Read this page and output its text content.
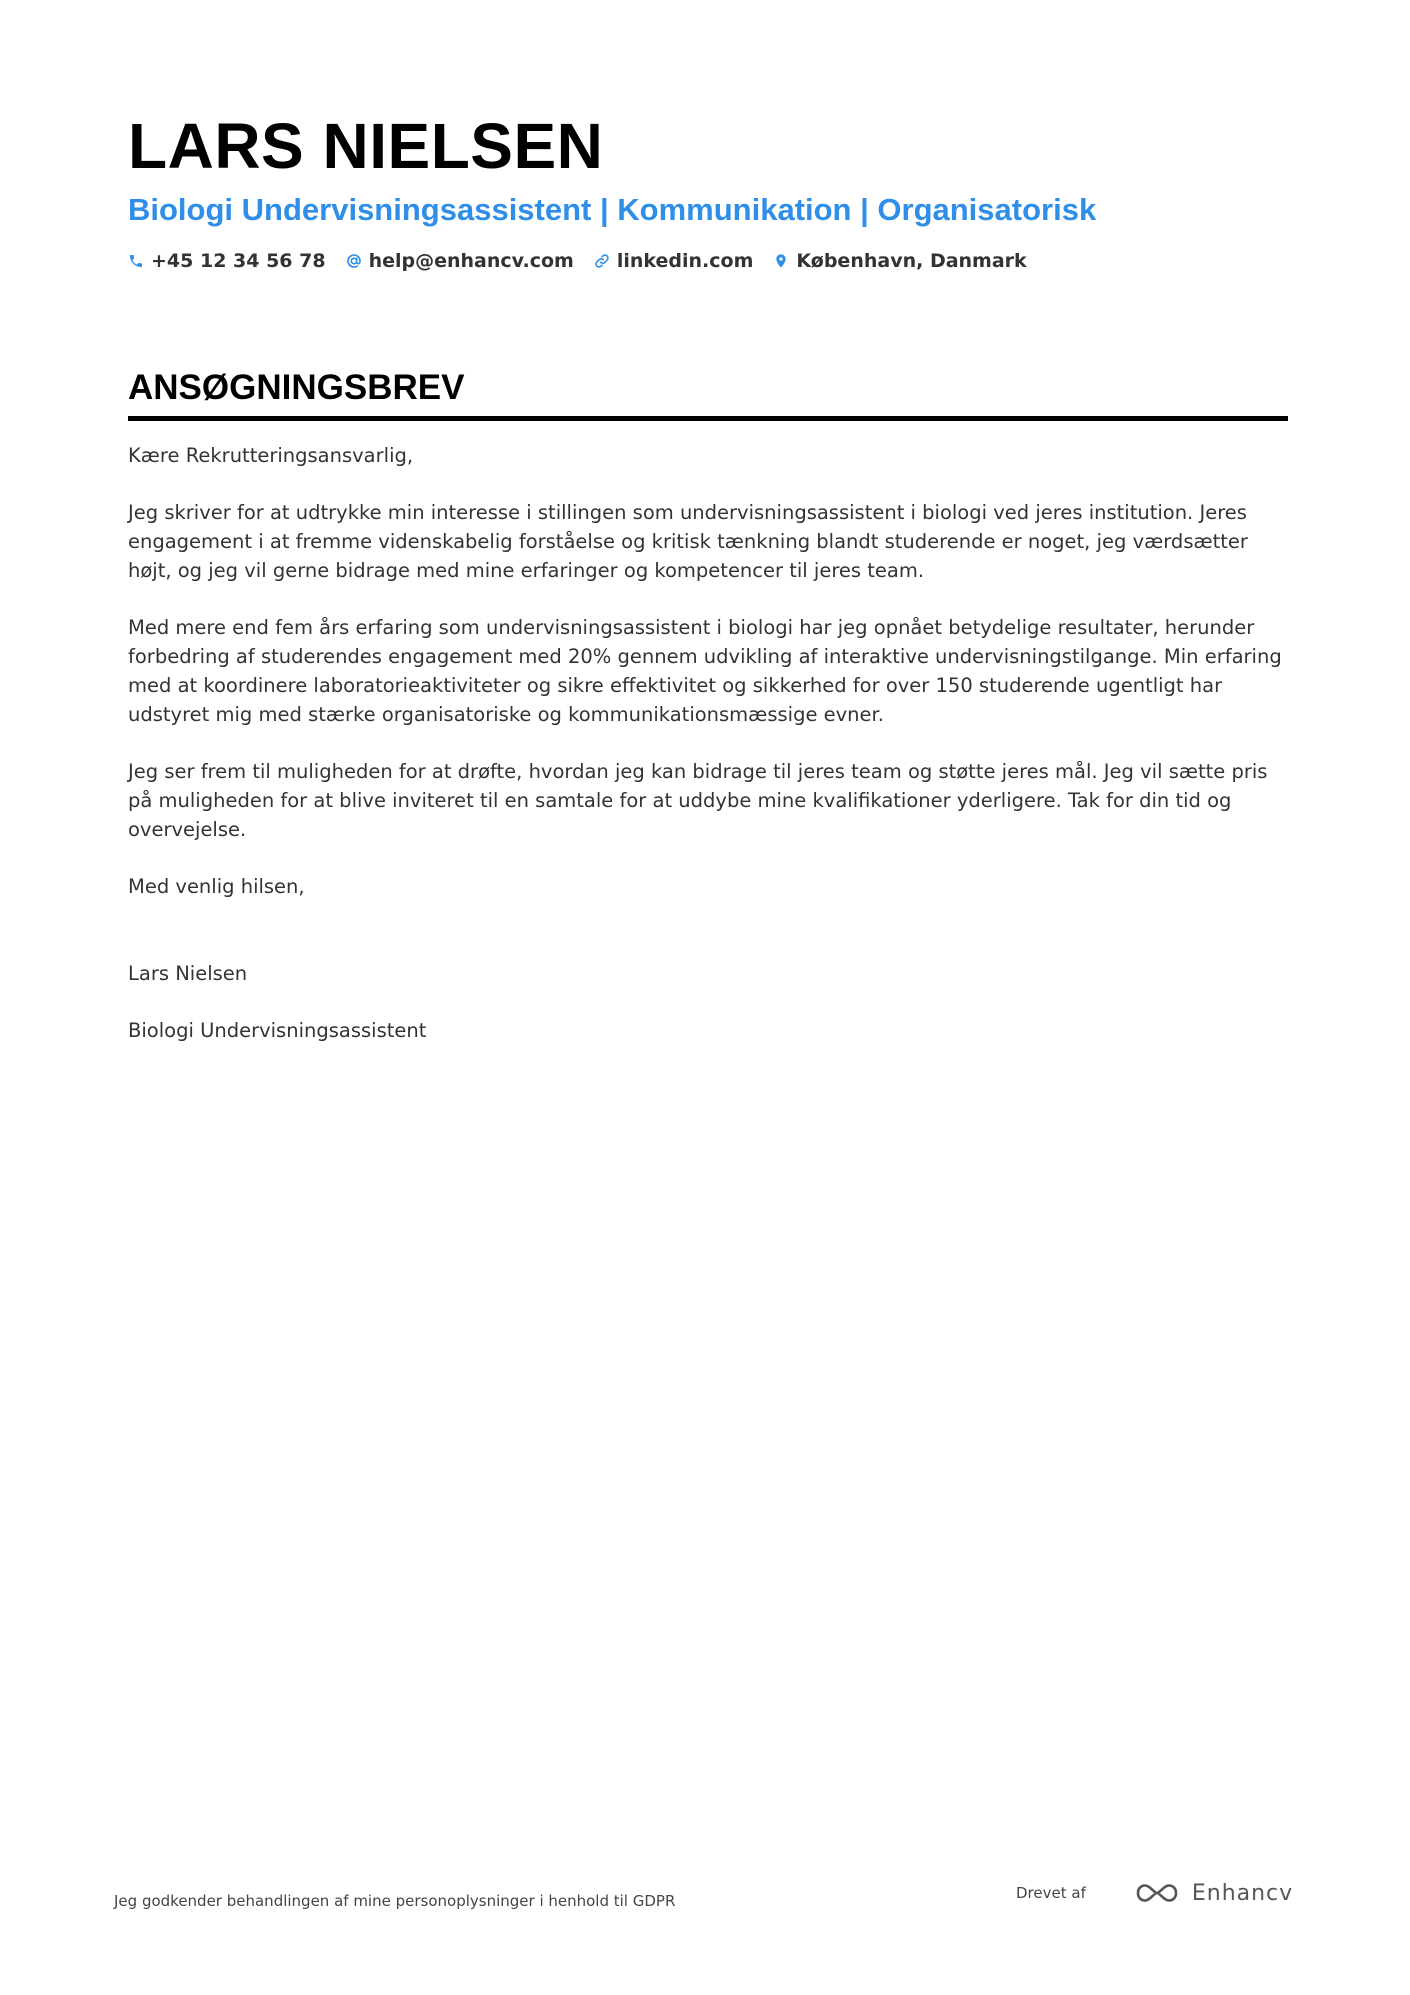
LARS NIELSEN
Biologi Undervisningsassistent | Kommunikation | Organisatorisk
+45 12 34 56 78 help@enhancv.com linkedin.com København, Danmark
ANSØGNINGSBREV

Kære Rekrutteringsansvarlig,

Jeg skriver for at udtrykke min interesse i stillingen som undervisningsassistent i biologi ved jeres institution. Jeres engagement i at fremme videnskabelig forståelse og kritisk tænkning blandt studerende er noget, jeg værdsætter højt, og jeg vil gerne bidrage med mine erfaringer og kompetencer til jeres team.

Med mere end fem års erfaring som undervisningsassistent i biologi har jeg opnået betydelige resultater, herunder forbedring af studerendes engagement med 20% gennem udvikling af interaktive undervisningstilgange. Min erfaring med at koordinere laboratorieaktiviteter og sikre effektivitet og sikkerhed for over 150 studerende ugentligt har udstyret mig med stærke organisatoriske og kommunikationsmæssige evner.

Jeg ser frem til muligheden for at drøfte, hvordan jeg kan bidrage til jeres team og støtte jeres mål. Jeg vil sætte pris på muligheden for at blive inviteret til en samtale for at uddybe mine kvalifikationer yderligere. Tak for din tid og overvejelse.

Med venlig hilsen,

Lars Nielsen

Biologi Undervisningsassistent

Jeg godkender behandlingen af mine personoplysninger i henhold til GDPR	Drevet af	Enhancv
